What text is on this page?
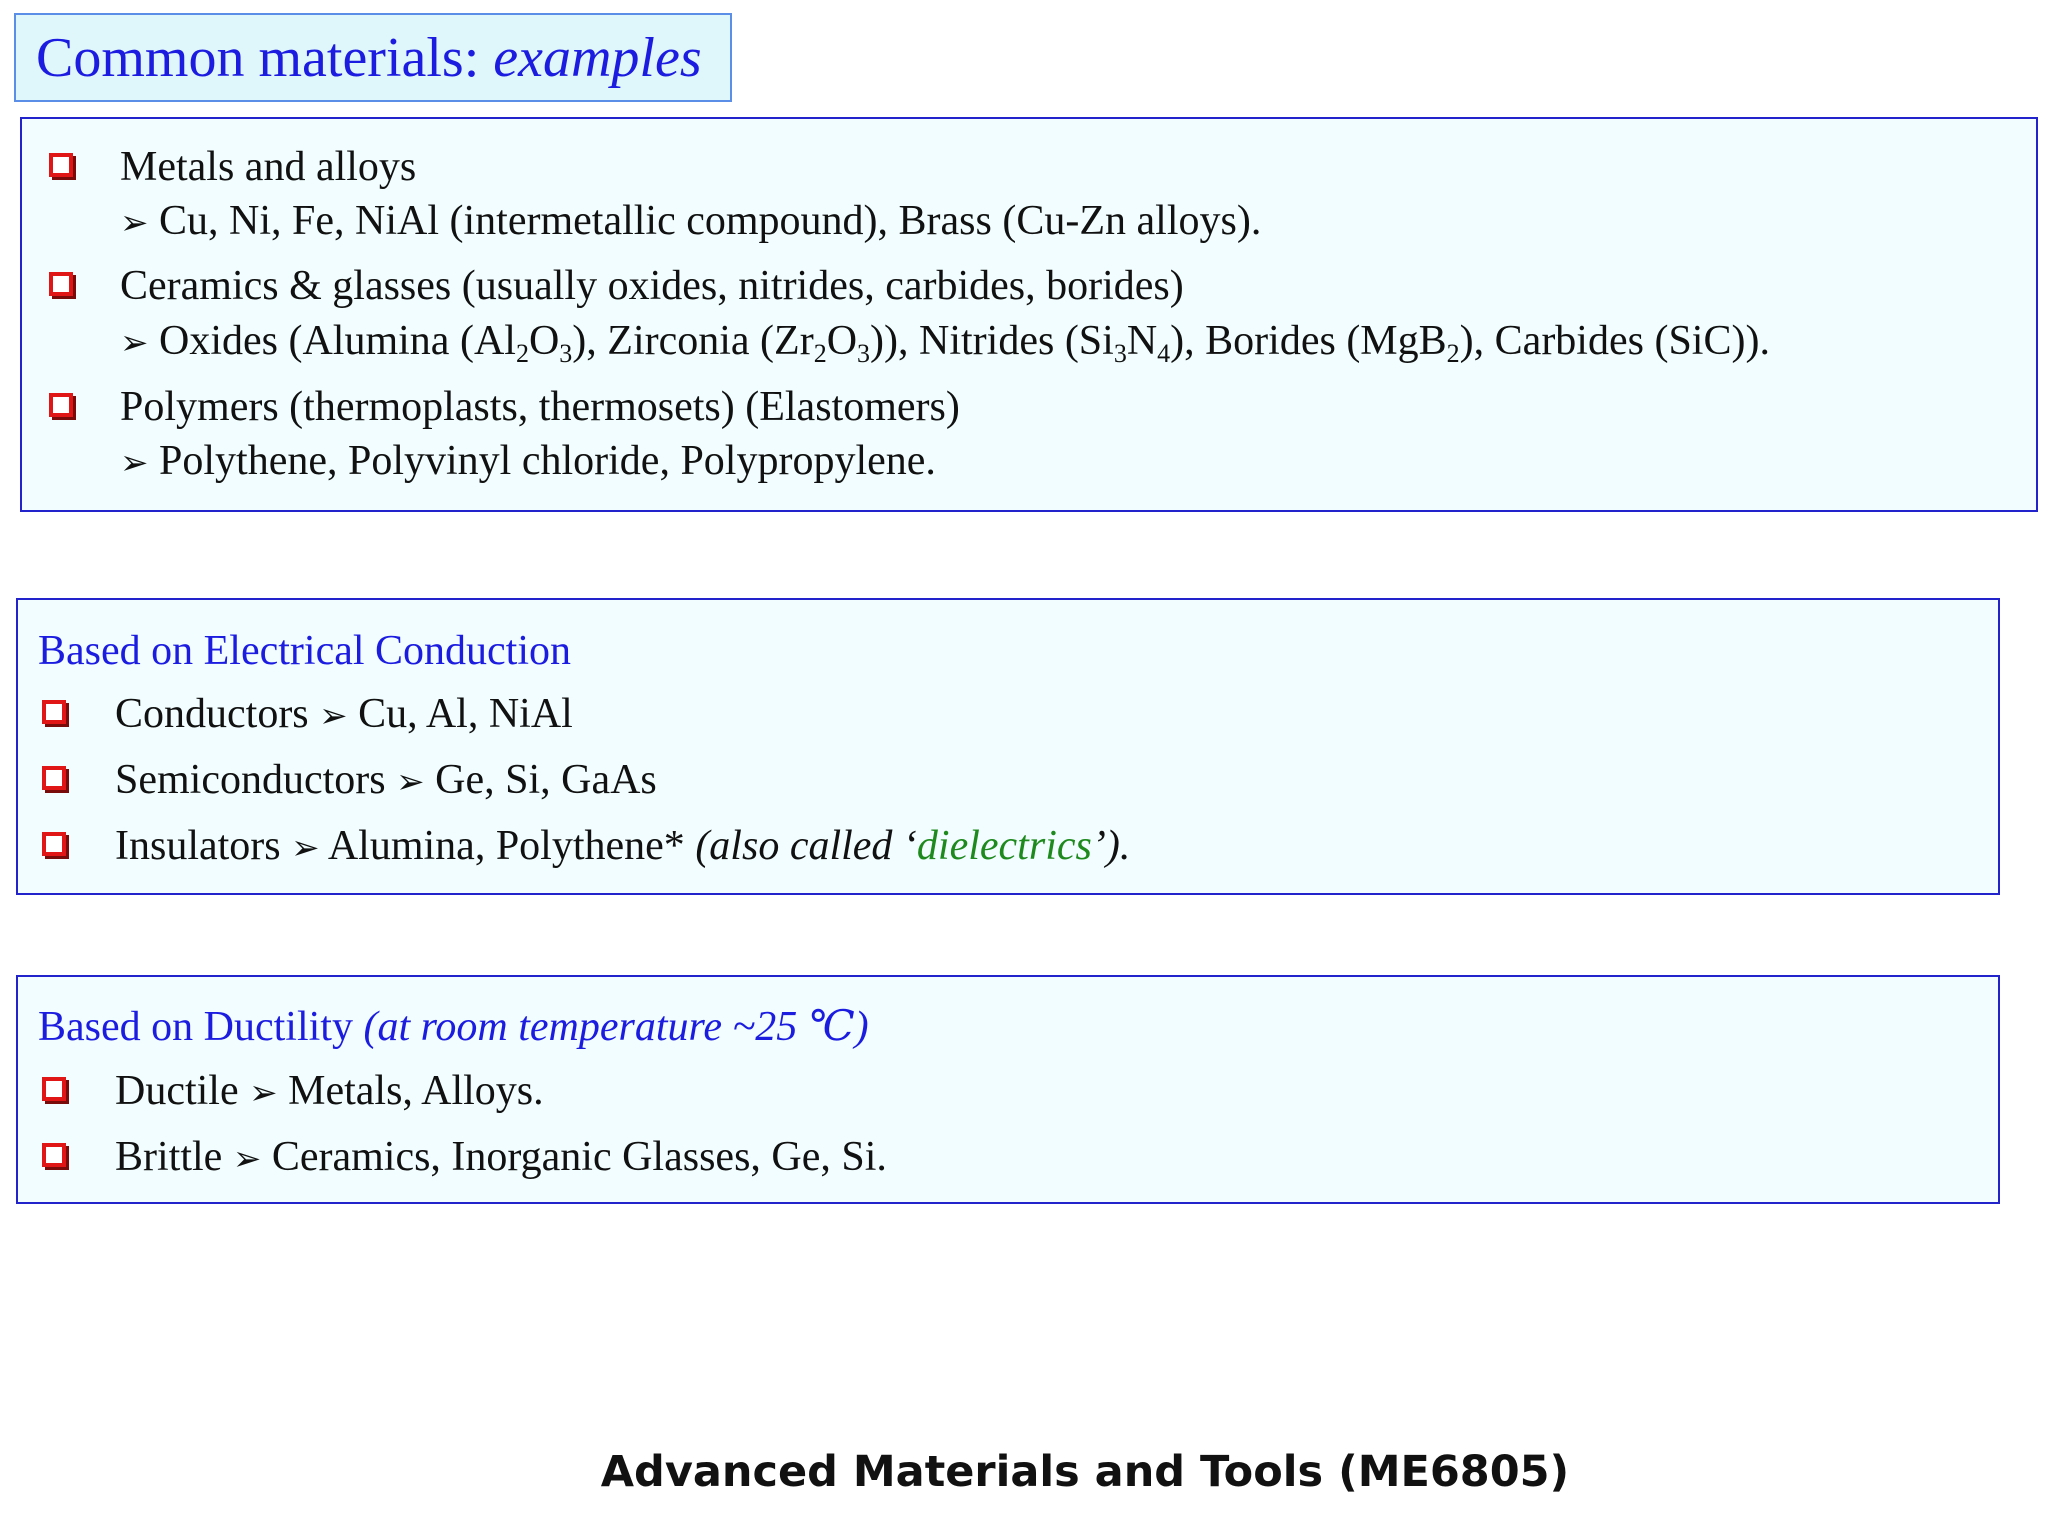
Common materials: examples
Metals and alloys
➢ Cu, Ni, Fe, NiAl (intermetallic compound), Brass (Cu-Zn alloys).
Ceramics & glasses (usually oxides, nitrides, carbides, borides)
➢ Oxides (Alumina $(Al_2O_3)$, Zirconia $(Zr_2O_3)$), Nitrides $(Si_3N_4)$, Borides (MgB$_2$), Carbides (SiC)).
Polymers (thermoplasts, thermosets) (Elastomers)
➢ Polythene, Polyvinyl chloride, Polypropylene.
Based on Electrical Conduction
Conductors ➢ Cu, Al, NiAl
Semiconductors ➢ Ge, Si, GaAs
Insulators ➢ Alumina, Polythene* (also called ‘dielectrics’).
Based on Ductility (at room temperature ~25 ℃)
Ductile ➢ Metals, Alloys.
Brittle ➢ Ceramics, Inorganic Glasses, Ge, Si.
Advanced Materials and Tools (ME6805)
